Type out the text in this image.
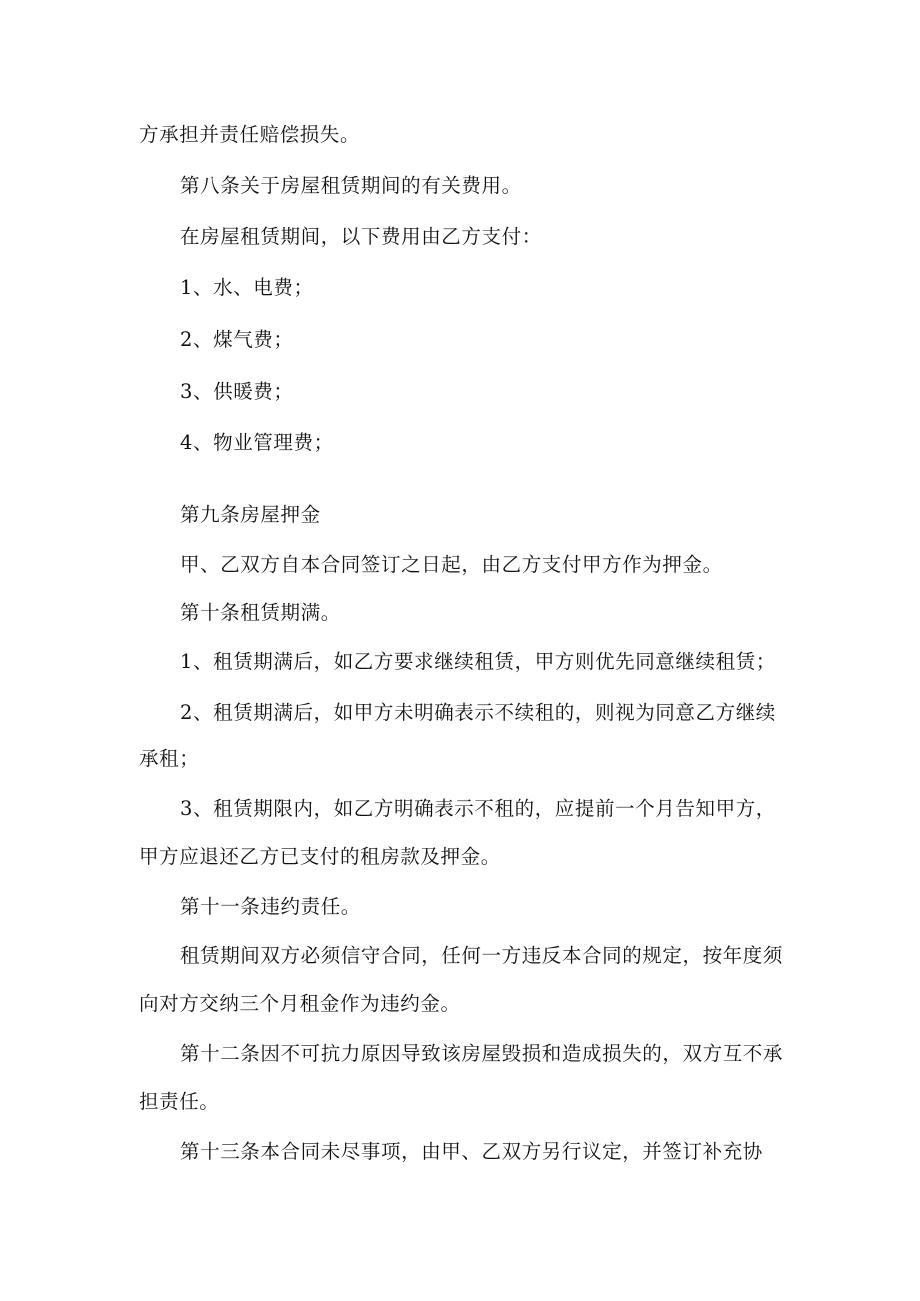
方承担并责任赔偿损失。
第八条关于房屋租赁期间的有关费用。
在房屋租赁期间，以下费用由乙方支付：
1、水、电费；
2、煤气费；
3、供暖费；
4、物业管理费；
第九条房屋押金
甲、乙双方自本合同签订之日起，由乙方支付甲方作为押金。
第十条租赁期满。
1、租赁期满后，如乙方要求继续租赁，甲方则优先同意继续租赁；
2、租赁期满后，如甲方未明确表示不续租的，则视为同意乙方继续
承租；
3、租赁期限内，如乙方明确表示不租的，应提前一个月告知甲方，
甲方应退还乙方已支付的租房款及押金。
第十一条违约责任。
租赁期间双方必须信守合同，任何一方违反本合同的规定，按年度须
向对方交纳三个月租金作为违约金。
第十二条因不可抗力原因导致该房屋毁损和造成损失的，双方互不承
担责任。
第十三条本合同未尽事项，由甲、乙双方另行议定，并签订补充协
